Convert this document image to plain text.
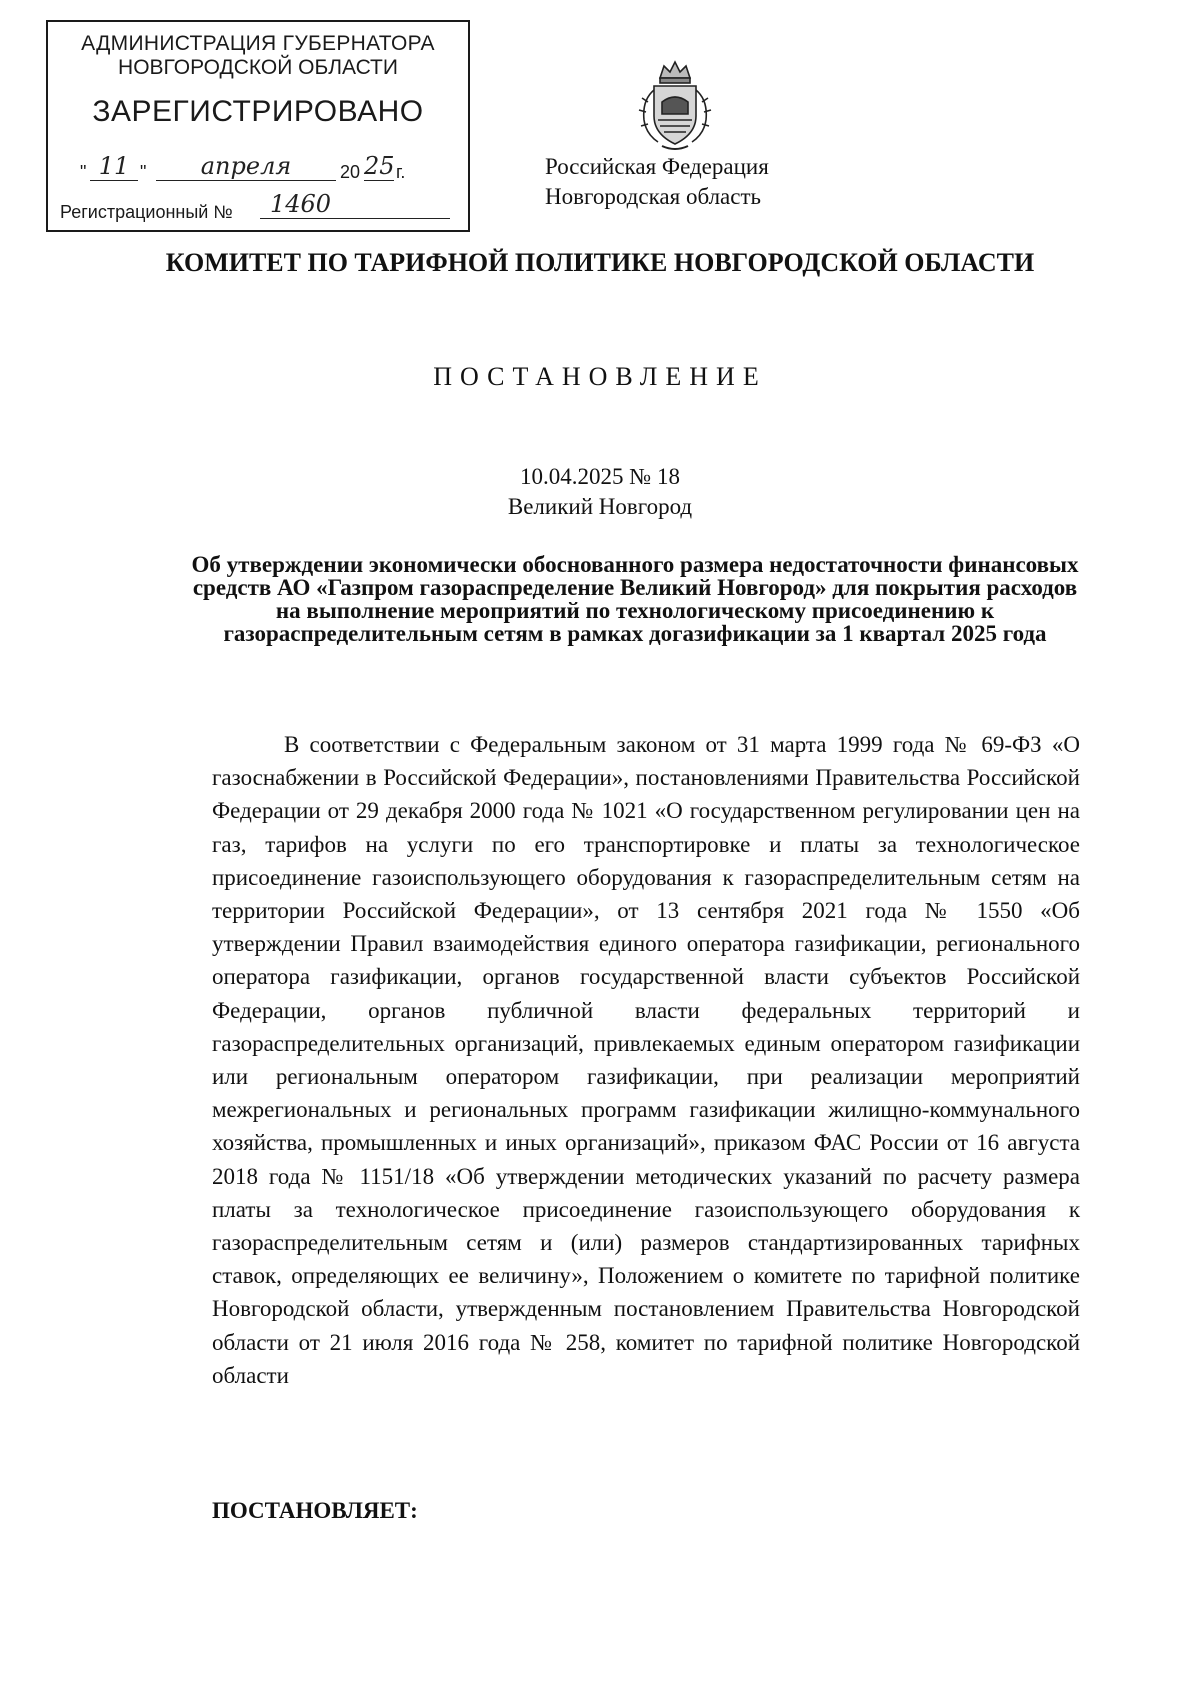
АДМИНИСТРАЦИЯ ГУБЕРНАТОРА
НОВГОРОДСКОЙ ОБЛАСТИ
ЗАРЕГИСТРИРОВАНО
" 11 "	апреля	20 25 г.
Регистрационный №	1460
Российская Федерация
Новгородская область
КОМИТЕТ ПО ТАРИФНОЙ ПОЛИТИКЕ НОВГОРОДСКОЙ ОБЛАСТИ
ПОСТАНОВЛЕНИЕ
10.04.2025 № 18
Великий Новгород
Об утверждении экономически обоснованного размера недостаточности финансовых средств АО «Газпром газораспределение Великий Новгород» для покрытия расходов на выполнение мероприятий по технологическому присоединению к газораспределительным сетям в рамках догазификации за 1 квартал 2025 года

В соответствии с Федеральным законом от 31 марта 1999 года № 69-ФЗ «О газоснабжении в Российской Федерации», постановлениями Правительства Российской Федерации от 29 декабря 2000 года № 1021 «О государственном регулировании цен на газ, тарифов на услуги по его транспортировке и платы за технологическое присоединение газоиспользующего оборудования к газораспределительным сетям на территории Российской Федерации», от 13 сентября 2021 года № 1550 «Об утверждении Правил взаимодействия единого оператора газификации, регионального оператора газификации, органов государственной власти субъектов Российской Федерации, органов публичной власти федеральных территорий и газораспределительных организаций, привлекаемых единым оператором газификации или региональным оператором газификации, при реализации мероприятий межрегиональных и региональных программ газификации жилищно-коммунального хозяйства, промышленных и иных организаций», приказом ФАС России от 16 августа 2018 года № 1151/18 «Об утверждении методических указаний по расчету размера платы за технологическое присоединение газоиспользующего оборудования к газораспределительным сетям и (или) размеров стандартизированных тарифных ставок, определяющих ее величину», Положением о комитете по тарифной политике Новгородской области, утвержденным постановлением Правительства Новгородской области от 21 июля 2016 года № 258, комитет по тарифной политике Новгородской области

ПОСТАНОВЛЯЕТ:
